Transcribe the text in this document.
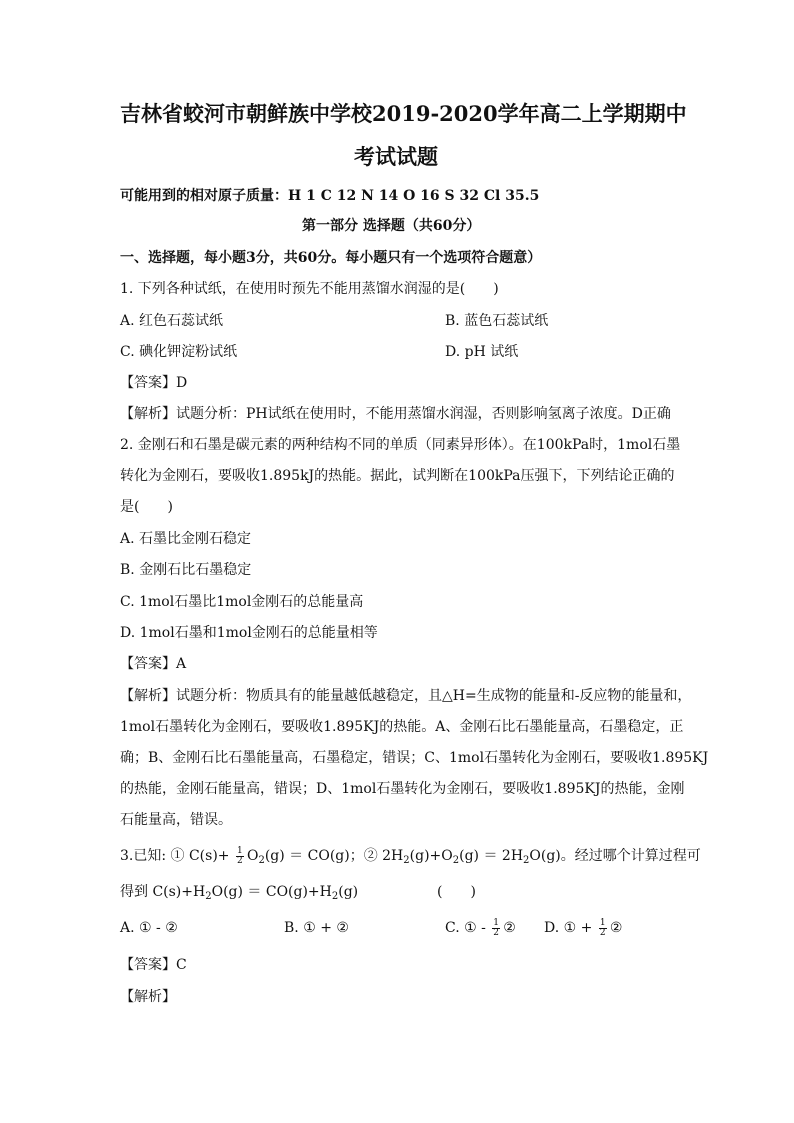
吉林省蛟河市朝鲜族中学校2019-2020学年高二上学期期中
考试试题
可能用到的相对原子质量：H 1 C 12 N 14 O 16 S 32 Cl 35.5
第一部分 选择题（共60分）
一、选择题，每小题3分，共60分。每小题只有一个选项符合题意）
1. 下列各种试纸，在使用时预先不能用蒸馏水润湿的是(　　)
A. 红色石蕊试纸	B. 蓝色石蕊试纸
C. 碘化钾淀粉试纸	D. pH 试纸
【答案】D
【解析】试题分析：PH试纸在使用时，不能用蒸馏水润湿，否则影响氢离子浓度。D正确
2. 金刚石和石墨是碳元素的两种结构不同的单质（同素异形体）。在100kPa时，1mol石墨
转化为金刚石，要吸收1.895kJ的热能。据此，试判断在100kPa压强下，下列结论正确的
是(　　)
A. 石墨比金刚石稳定
B. 金刚石比石墨稳定
C. 1mol石墨比1mol金刚石的总能量高
D. 1mol石墨和1mol金刚石的总能量相等
【答案】A
【解析】试题分析：物质具有的能量越低越稳定，且△H=生成物的能量和-反应物的能量和，
1mol石墨转化为金刚石，要吸收1.895KJ的热能。A、金刚石比石墨能量高，石墨稳定，正
确；B、金刚石比石墨能量高，石墨稳定，错误；C、1mol石墨转化为金刚石，要吸收1.895KJ
的热能，金刚石能量高，错误；D、1mol石墨转化为金刚石，要吸收1.895KJ的热能，金刚
石能量高，错误。
3.已知: ① $C(s)+ \frac{1}{2} O_2(g) = CO(g)$；② $2H_2(g)+O_2(g) = 2H_2O(g)$。经过哪个计算过程可
得到 $C(s)+H_2O(g) = CO(g)+H_2(g)$	(　　)
A. ① - ②	B. ① + ②	C. ① - $\frac{1}{2}$ ② D. ① + $\frac{1}{2}$ ②
【答案】C
【解析】
